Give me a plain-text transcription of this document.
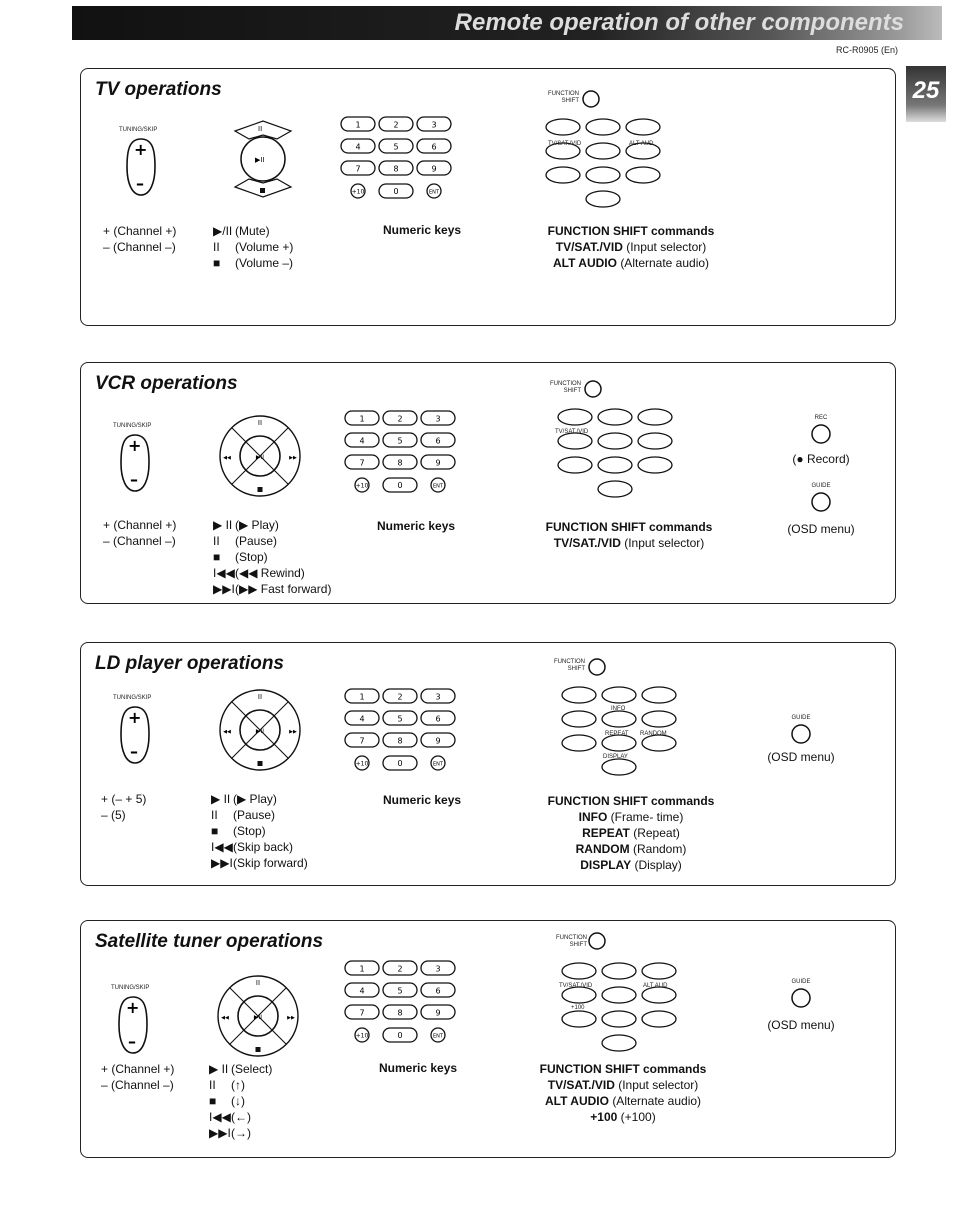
Remote operation of other components
RC-R0905 (En)
25
TV operations
TUNING/SKIP
+
–
+ (Channel +)
– (Channel –)
II
▶II
▶/II (Mute)
II (Volume +)
■ (Volume –)
1	2	3
4	5	6
7	8	9
+10	0	ENT
Numeric keys
FUNCTION SHIFT
TV/SAT./VID	ALT AUD
FUNCTION SHIFT commands
TV/SAT./VID (Input selector)
ALT AUDIO (Alternate audio)
VCR operations
TUNING/SKIP
+
–
+ (Channel +)
– (Channel –)
II
▶II
◀◀	▶▶
▶ II (▶ Play)
II (Pause)
■ (Stop)
I◀◀(◀◀ Rewind)
▶▶I(▶▶ Fast forward)
1	2	3
4	5	6
7	8	9
+10	0	ENT
Numeric keys
FUNCTION SHIFT
TV/SAT./VID
FUNCTION SHIFT commands
TV/SAT./VID (Input selector)
REC
(● Record)
GUIDE
(OSD menu)
LD player operations
TUNING/SKIP
+
–
+ (– + 5)
– (5)
II
▶II
◀◀	▶▶
▶ II (▶ Play)
II (Pause)
■ (Stop)
I◀◀(Skip back)
▶▶I(Skip forward)
1	2	3
4	5	6
7	8	9
+10	0	ENT
Numeric keys
FUNCTION SHIFT
INFO
REPEAT RANDOM
DISPLAY
FUNCTION SHIFT commands
INFO (Frame- time)
REPEAT (Repeat)
RANDOM (Random)
DISPLAY (Display)
GUIDE
(OSD menu)
Satellite tuner operations
TUNING/SKIP
+
–
+ (Channel +)
– (Channel –)
II
▶II
◀◀	▶▶
▶ II (Select)
II (↑)
■ (↓)
I◀◀(←)
▶▶I(→)
1	2	3
4	5	6
7	8	9
+10	0	ENT
Numeric keys
FUNCTION SHIFT
TV/SAT./VID	ALT AUD
+100
FUNCTION SHIFT commands
TV/SAT./VID (Input selector)
ALT AUDIO (Alternate audio)
+100 (+100)
GUIDE
(OSD menu)
